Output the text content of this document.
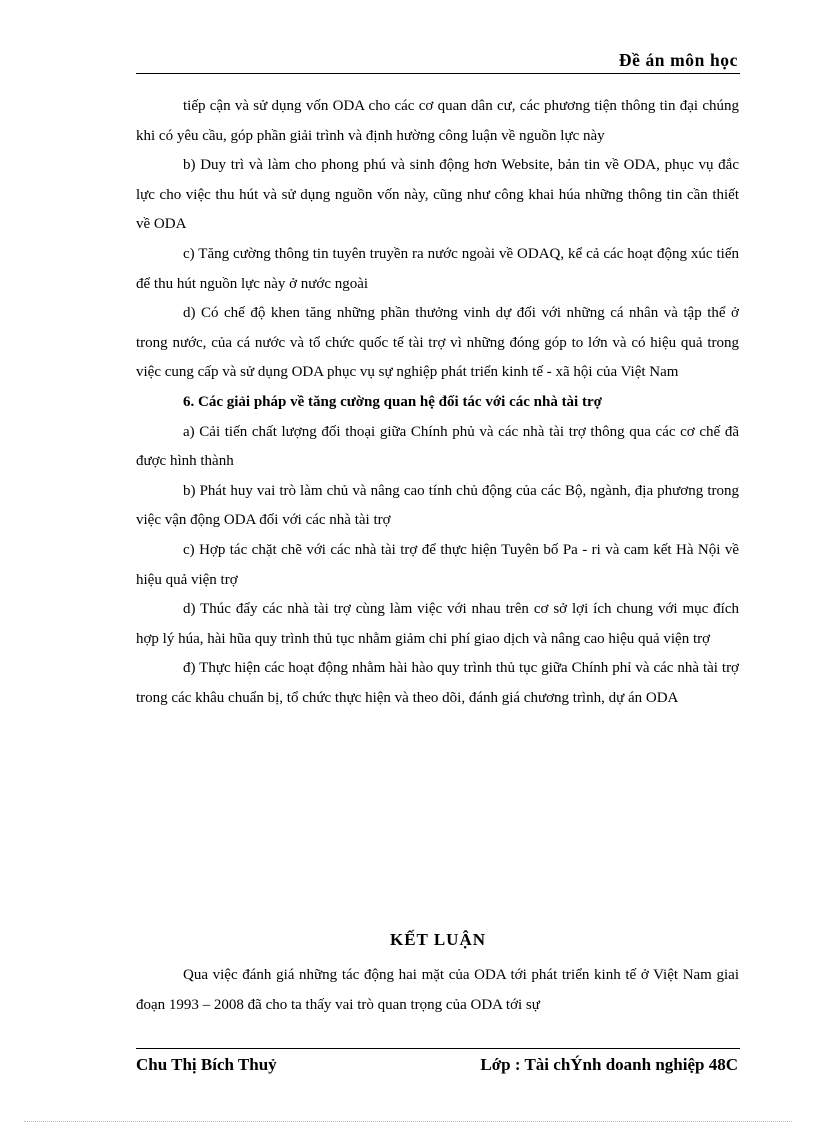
Đề án môn học

tiếp cận và sử dụng vốn ODA cho các cơ quan dân cư, các phương tiện thông tin đại chúng khi có yêu cầu, góp phần giải trình và định hường công luận về nguồn lực này

b) Duy trì và làm cho phong phú và sinh động hơn Website, bản tin về ODA, phục vụ đắc lực cho việc thu hút và sử dụng nguồn vốn này, cũng như công khai húa những thông tin cần thiết về ODA

c) Tăng cường thông tin tuyên truyền ra nước ngoài về ODAQ, kể cả các hoạt động xúc tiến để thu hút nguồn lực này ở nước ngoài

d) Có chế độ khen tăng những phần thưởng vinh dự đối với những cá nhân và tập thể ở trong nước, của cá nước và tổ chức quốc tế tài trợ vì những đóng góp to lớn và có hiệu quả trong việc cung cấp và sử dụng ODA phục vụ sự nghiệp phát triển kinh tế - xã hội của Việt Nam

6. Các giải pháp về tăng cường quan hệ đối tác với các nhà tài trợ

a) Cải tiến chất lượng đối thoại giữa Chính phủ và các nhà tài trợ thông qua các cơ chế đã được hình thành

b) Phát huy vai trò làm chủ và nâng cao tính chủ động của các Bộ, ngành, địa phương trong việc vận động ODA đối với các nhà tài trợ

c) Hợp tác chặt chẽ với các nhà tài trợ để thực hiện Tuyên bố Pa - ri và cam kết Hà Nội về hiệu quả viện trợ

d) Thúc đẩy các nhà tài trợ cùng làm việc với nhau trên cơ sở lợi ích chung với mục đích hợp lý húa, hài hũa quy trình thủ tục nhằm giảm chi phí giao dịch và nâng cao hiệu quả viện trợ

đ) Thực hiện các hoạt động nhằm hài hào quy trình thủ tục giữa Chính phỉ và các nhà tài trợ trong các khâu chuẩn bị, tổ chức thực hiện và theo dõi, đánh giá chương trình, dự án ODA

KẾT LUẬN

Qua việc đánh giá những tác động hai mặt của ODA tới phát triển kinh tế ở Việt Nam giai đoạn 1993 – 2008 đã cho ta thấy vai trò quan trọng của ODA tới sự

Chu Thị Bích Thuỷ	Lớp : Tài chÝnh doanh nghiệp 48C
